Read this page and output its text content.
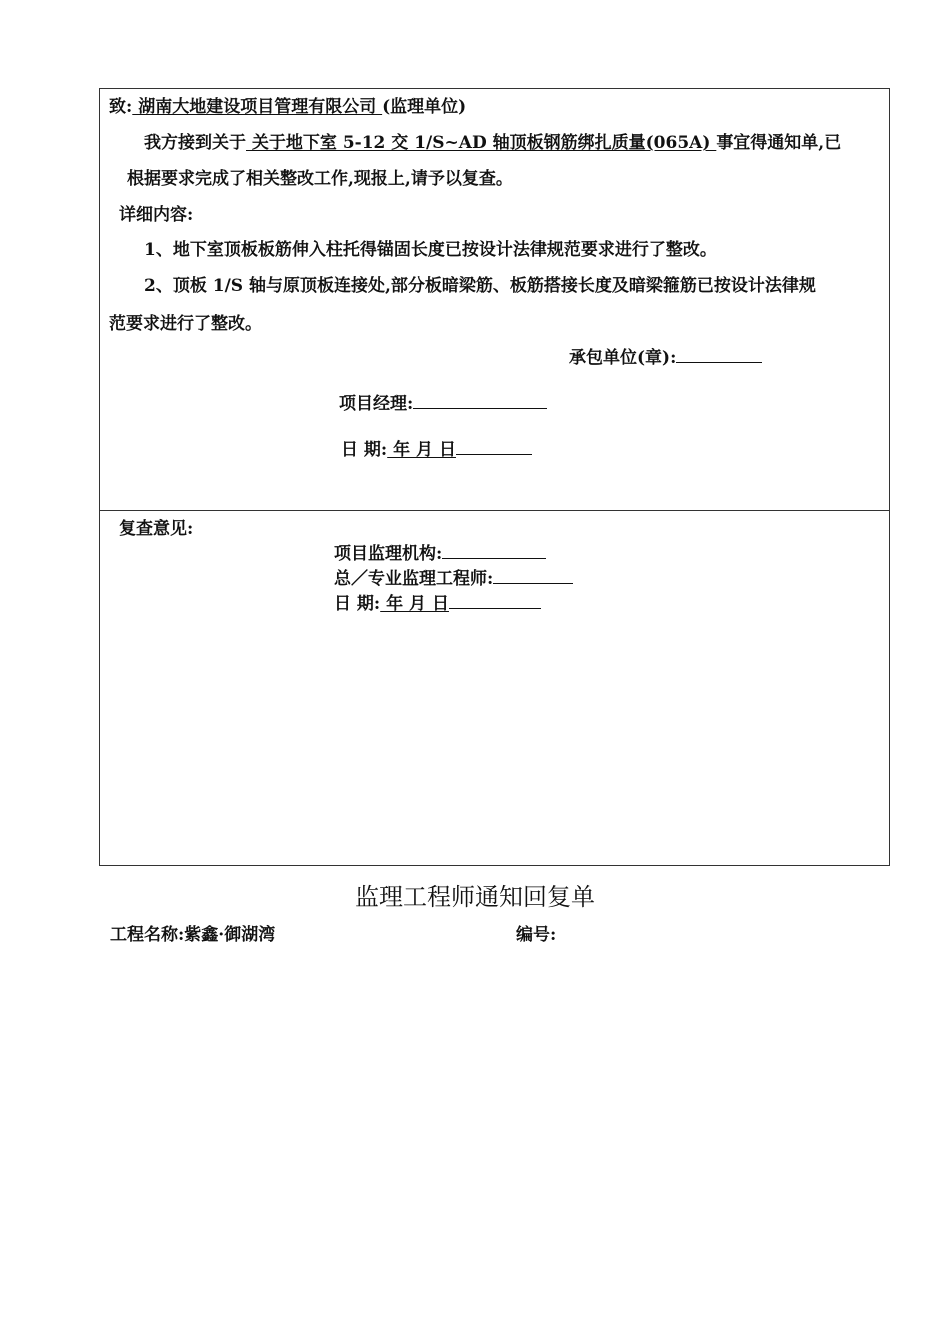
致: 湖南大地建设项目管理有限公司 (监理单位)
我方接到关于 关于地下室 5-12 交 1/S~AD 轴顶板钢筋绑扎质量(065A) 事宜得通知单,已
根据要求完成了相关整改工作,现报上,请予以复查。
详细内容:
1、地下室顶板板筋伸入柱托得锚固长度已按设计法律规范要求进行了整改。
2、顶板 1/S 轴与原顶板连接处,部分板暗梁筋、板筋搭接长度及暗梁箍筋已按设计法律规
范要求进行了整改。
承包单位(章):
项目经理:
日 期: 年 月 日
复查意见:
项目监理机构:
总／专业监理工程师:
日 期: 年 月 日
监理工程师通知回复单
工程名称:紫鑫·御湖湾	编号:
